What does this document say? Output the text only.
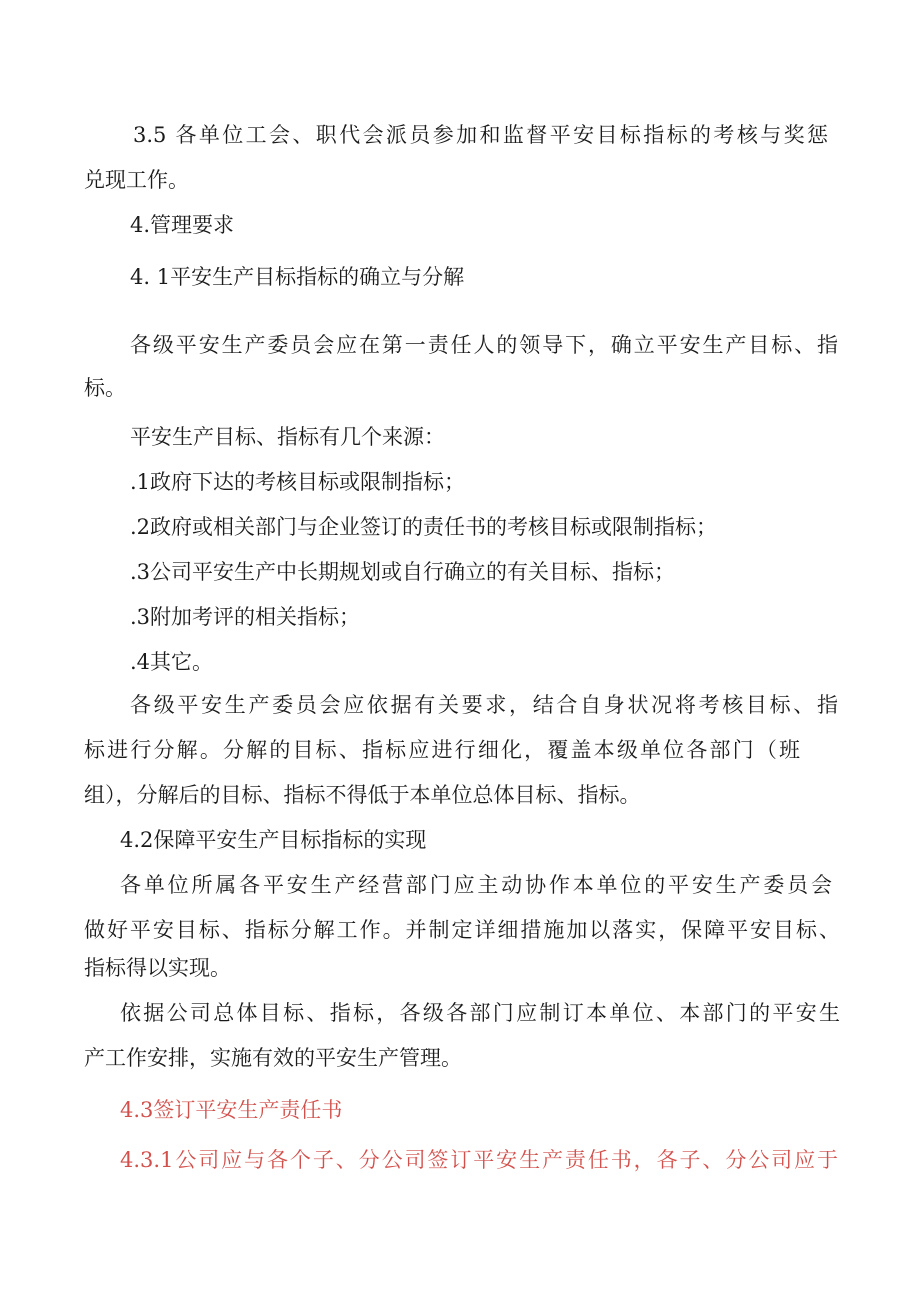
3.5 各单位工会、职代会派员参加和监督平安目标指标的考核与奖惩
兑现工作。
4.管理要求
4. 1平安生产目标指标的确立与分解
各级平安生产委员会应在第一责任人的领导下，确立平安生产目标、指
标。
平安生产目标、指标有几个来源：
.1政府下达的考核目标或限制指标；
.2政府或相关部门与企业签订的责任书的考核目标或限制指标；
.3公司平安生产中长期规划或自行确立的有关目标、指标；
.3附加考评的相关指标；
.4其它。
各级平安生产委员会应依据有关要求，结合自身状况将考核目标、指
标进行分解。分解的目标、指标应进行细化，覆盖本级单位各部门（班
组），分解后的目标、指标不得低于本单位总体目标、指标。
4.2保障平安生产目标指标的实现
各单位所属各平安生产经营部门应主动协作本单位的平安生产委员会
做好平安目标、指标分解工作。并制定详细措施加以落实，保障平安目标、
指标得以实现。
依据公司总体目标、指标，各级各部门应制订本单位、本部门的平安生
产工作安排，实施有效的平安生产管理。
4.3签订平安生产责任书
4.3.1公司应与各个子、分公司签订平安生产责任书，各子、分公司应于
